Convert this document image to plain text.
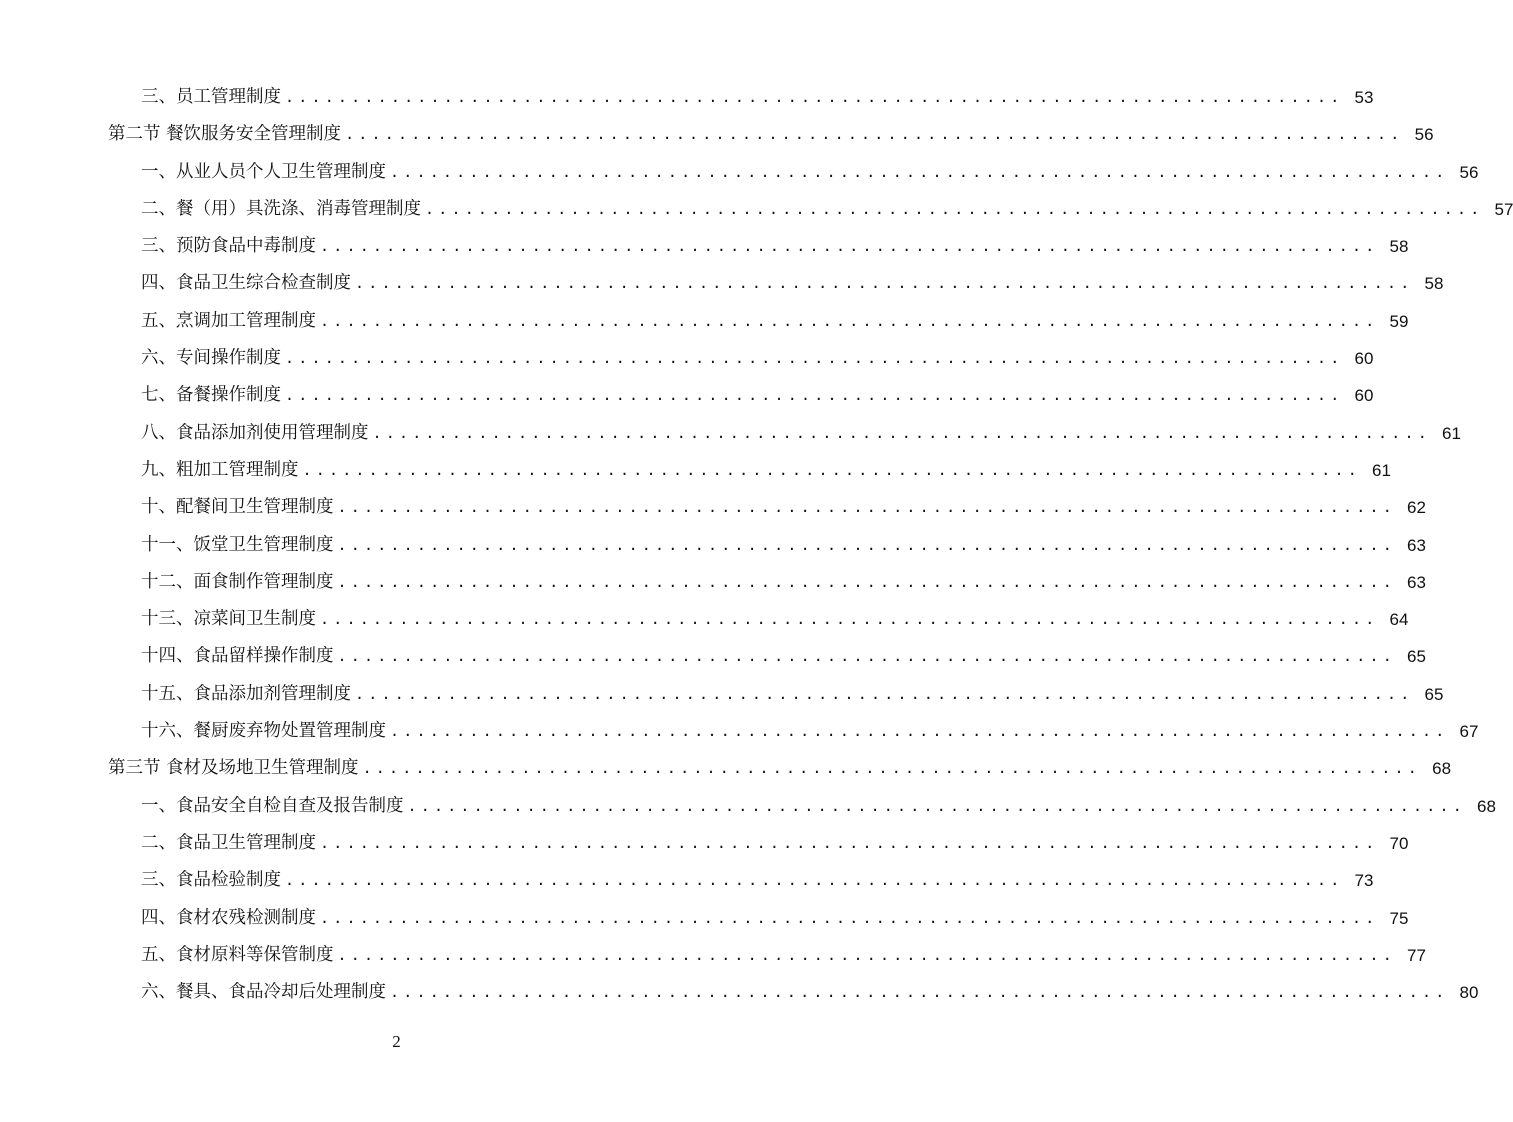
三、员工管理制度 ................................................................................ 53
第二节 餐饮服务安全管理制度 ................................................................................ 56
一、从业人员个人卫生管理制度 ................................................................................ 56
二、餐（用）具洗涤、消毒管理制度 ................................................................................ 57
三、预防食品中毒制度 ................................................................................ 58
四、食品卫生综合检查制度 ................................................................................ 58
五、烹调加工管理制度 ................................................................................ 59
六、专间操作制度 ................................................................................ 60
七、备餐操作制度 ................................................................................ 60
八、食品添加剂使用管理制度 ................................................................................ 61
九、粗加工管理制度 ................................................................................ 61
十、配餐间卫生管理制度 ................................................................................ 62
十一、饭堂卫生管理制度 ................................................................................ 63
十二、面食制作管理制度 ................................................................................ 63
十三、凉菜间卫生制度 ................................................................................ 64
十四、食品留样操作制度 ................................................................................ 65
十五、食品添加剂管理制度 ................................................................................ 65
十六、餐厨废弃物处置管理制度 ................................................................................ 67
第三节 食材及场地卫生管理制度 ................................................................................ 68
一、食品安全自检自查及报告制度 ................................................................................ 68
二、食品卫生管理制度 ................................................................................ 70
三、食品检验制度 ................................................................................ 73
四、食材农残检测制度 ................................................................................ 75
五、食材原料等保管制度 ................................................................................ 77
六、餐具、食品冷却后处理制度 ................................................................................ 80
2
